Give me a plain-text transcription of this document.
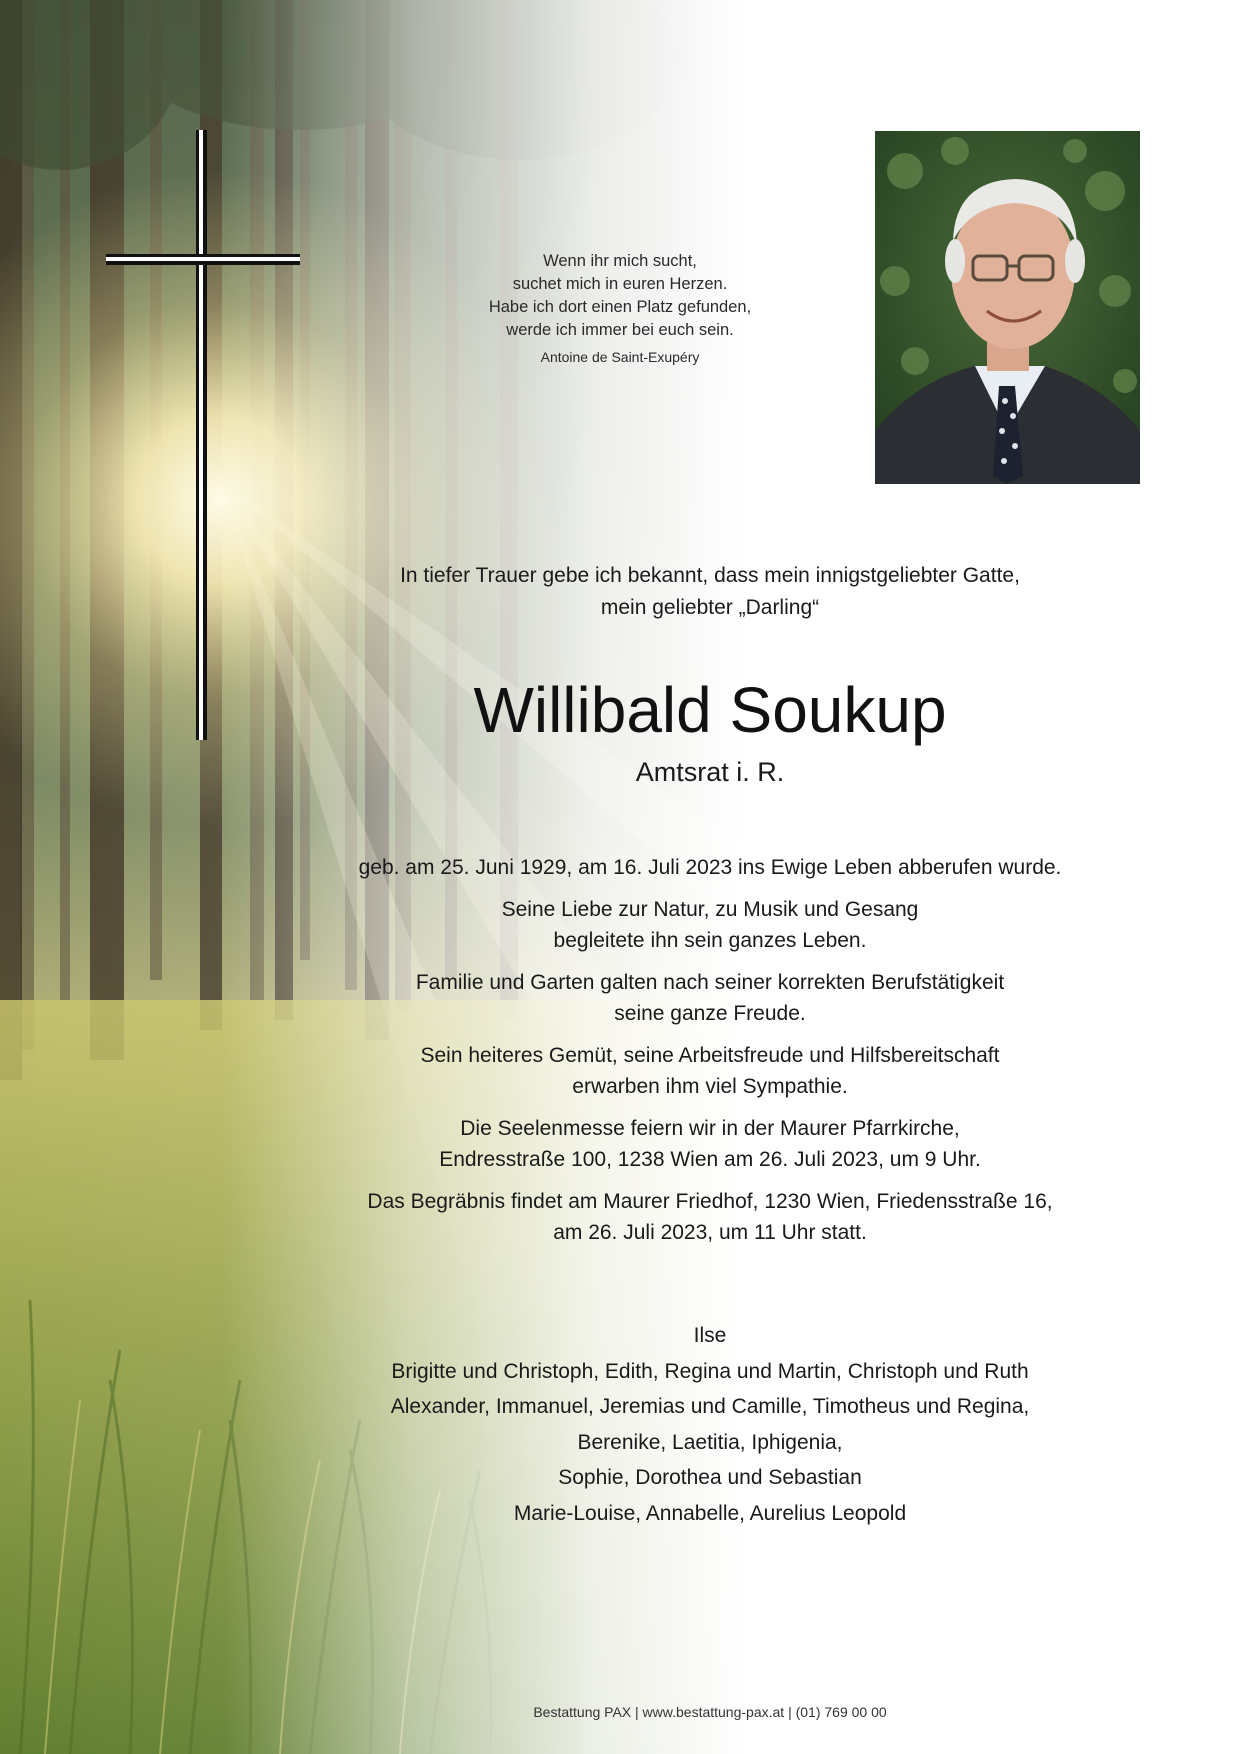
Wenn ihr mich sucht,
suchet mich in euren Herzen.
Habe ich dort einen Platz gefunden,
werde ich immer bei euch sein.
Antoine de Saint-Exupéry
In tiefer Trauer gebe ich bekannt, dass mein innigstgeliebter Gatte,
mein geliebter „Darling“
Willibald Soukup
Amtsrat i. R.
geb. am 25. Juni 1929, am 16. Juli 2023 ins Ewige Leben abberufen wurde.
Seine Liebe zur Natur, zu Musik und Gesang
begleitete ihn sein ganzes Leben.
Familie und Garten galten nach seiner korrekten Berufstätigkeit
seine ganze Freude.
Sein heiteres Gemüt, seine Arbeitsfreude und Hilfsbereitschaft
erwarben ihm viel Sympathie.
Die Seelenmesse feiern wir in der Maurer Pfarrkirche,
Endresstraße 100, 1238 Wien am 26. Juli 2023, um 9 Uhr.
Das Begräbnis findet am Maurer Friedhof, 1230 Wien, Friedensstraße 16,
am 26. Juli 2023, um 11 Uhr statt.
Ilse
Brigitte und Christoph, Edith, Regina und Martin, Christoph und Ruth
Alexander, Immanuel, Jeremias und Camille, Timotheus und Regina,
Berenike, Laetitia, Iphigenia,
Sophie, Dorothea und Sebastian
Marie-Louise, Annabelle, Aurelius Leopold
Bestattung PAX | www.bestattung-pax.at | (01) 769 00 00
